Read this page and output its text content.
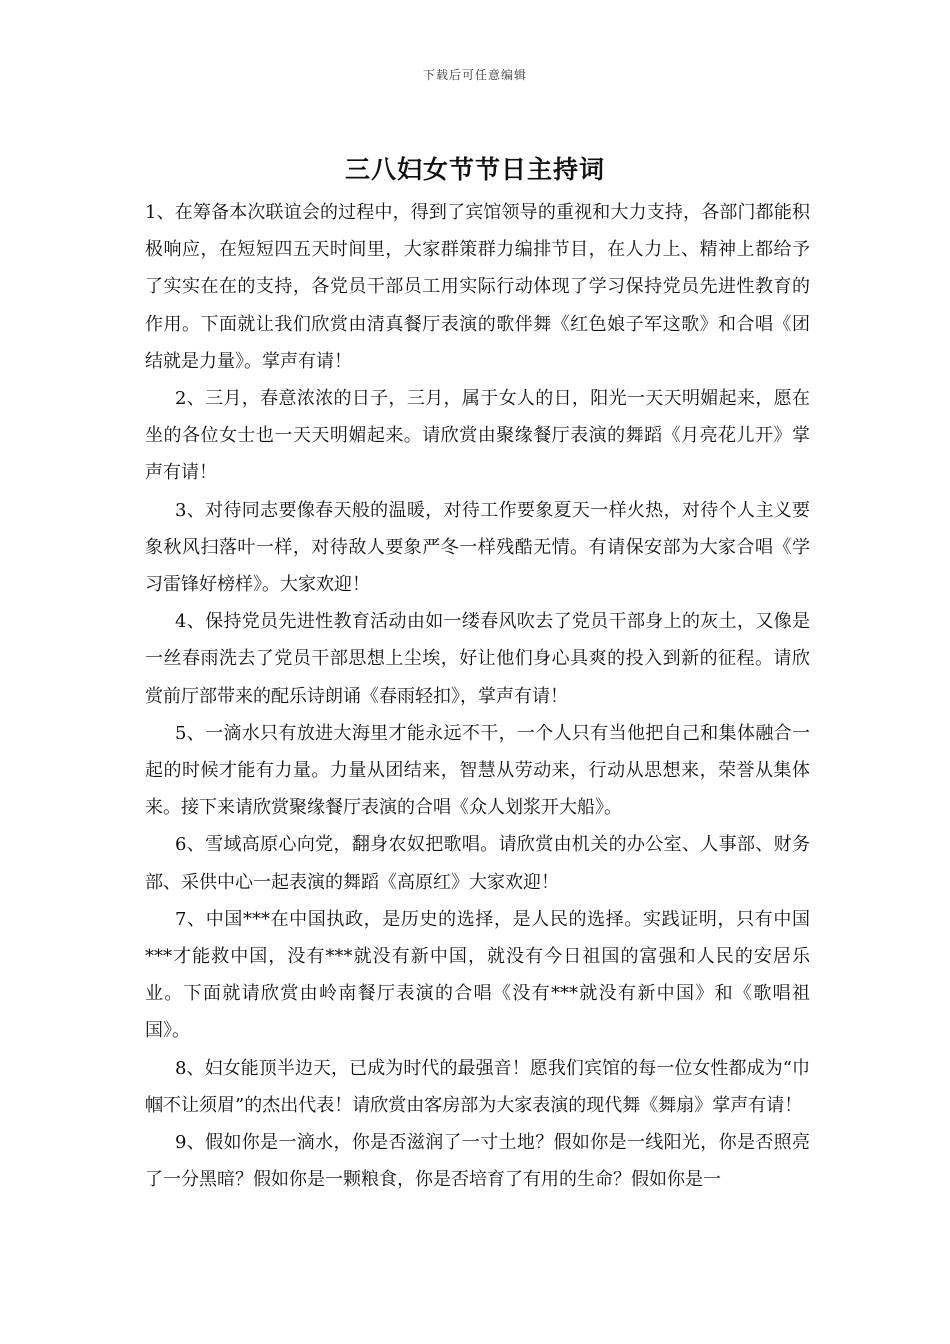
下载后可任意编辑
三八妇女节节日主持词

1、在筹备本次联谊会的过程中，得到了宾馆领导的重视和大力支持，各部门都能积极响应，在短短四五天时间里，大家群策群力编排节目，在人力上、精神上都给予了实实在在的支持，各党员干部员工用实际行动体现了学习保持党员先进性教育的作用。下面就让我们欣赏由清真餐厅表演的歌伴舞《红色娘子军这歌》和合唱《团结就是力量》。掌声有请！

2、三月，春意浓浓的日子，三月，属于女人的日，阳光一天天明媚起来，愿在坐的各位女士也一天天明媚起来。请欣赏由聚缘餐厅表演的舞蹈《月亮花儿开》掌声有请！

3、对待同志要像春天般的温暖，对待工作要象夏天一样火热，对待个人主义要象秋风扫落叶一样，对待敌人要象严冬一样残酷无情。有请保安部为大家合唱《学习雷锋好榜样》。大家欢迎！

4、保持党员先进性教育活动由如一缕春风吹去了党员干部身上的灰土，又像是一丝春雨洗去了党员干部思想上尘埃，好让他们身心具爽的投入到新的征程。请欣赏前厅部带来的配乐诗朗诵《春雨轻扣》，掌声有请！

5、一滴水只有放进大海里才能永远不干，一个人只有当他把自己和集体融合一起的时候才能有力量。力量从团结来，智慧从劳动来，行动从思想来，荣誉从集体来。接下来请欣赏聚缘餐厅表演的合唱《众人划浆开大船》。

6、雪域高原心向党，翻身农奴把歌唱。请欣赏由机关的办公室、人事部、财务部、采供中心一起表演的舞蹈《高原红》大家欢迎！

7、中国***在中国执政，是历史的选择，是人民的选择。实践证明，只有中国***才能救中国，没有***就没有新中国，就没有今日祖国的富强和人民的安居乐业。下面就请欣赏由岭南餐厅表演的合唱《没有***就没有新中国》和《歌唱祖国》。

8、妇女能顶半边天，已成为时代的最强音！愿我们宾馆的每一位女性都成为“巾帼不让须眉”的杰出代表！请欣赏由客房部为大家表演的现代舞《舞扇》掌声有请！

9、假如你是一滴水，你是否滋润了一寸土地？假如你是一线阳光，你是否照亮了一分黑暗？假如你是一颗粮食，你是否培育了有用的生命？假如你是一
